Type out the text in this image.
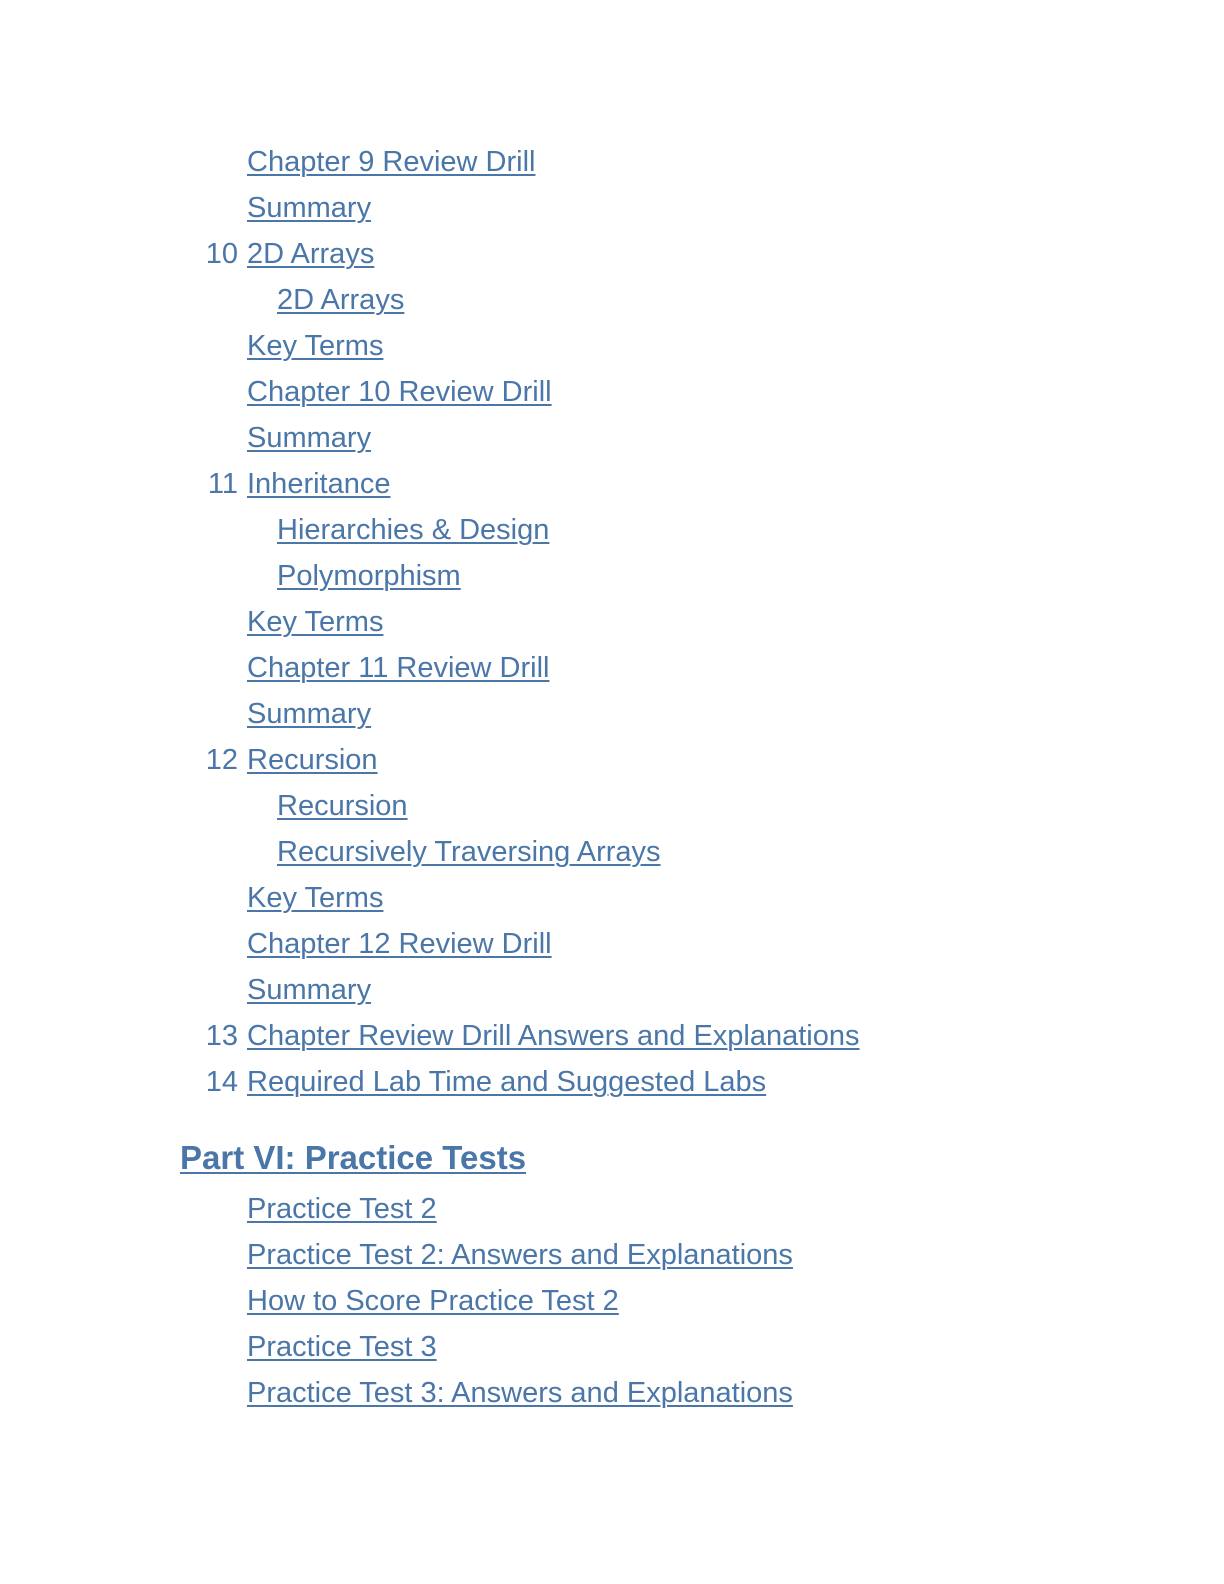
Chapter 9 Review Drill
Summary
10 2D Arrays
2D Arrays
Key Terms
Chapter 10 Review Drill
Summary
11 Inheritance
Hierarchies & Design
Polymorphism
Key Terms
Chapter 11 Review Drill
Summary
12 Recursion
Recursion
Recursively Traversing Arrays
Key Terms
Chapter 12 Review Drill
Summary
13 Chapter Review Drill Answers and Explanations
14 Required Lab Time and Suggested Labs
Part VI: Practice Tests
Practice Test 2
Practice Test 2: Answers and Explanations
How to Score Practice Test 2
Practice Test 3
Practice Test 3: Answers and Explanations
